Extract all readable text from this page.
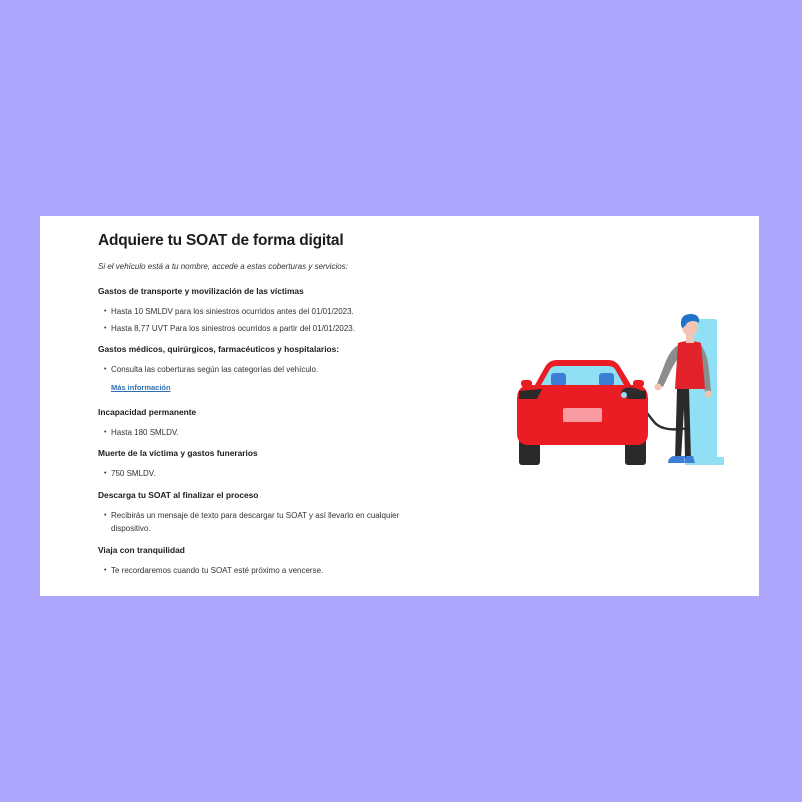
Adquiere tu SOAT de forma digital

Si el vehículo está a tu nombre, accede a estas coberturas y servicios:

Gastos de transporte y movilización de las víctimas
• Hasta 10 SMLDV para los siniestros ocurridos antes del 01/01/2023.
• Hasta 8,77 UVT Para los siniestros ocurridos a partir del 01/01/2023.
Gastos médicos, quirúrgicos, farmacéuticos y hospitalarios:
• Consulta las coberturas según las categorías del vehículo.
Más información
Incapacidad permanente
• Hasta 180 SMLDV.
Muerte de la víctima y gastos funerarios
• 750 SMLDV.
Descarga tu SOAT al finalizar el proceso
• Recibirás un mensaje de texto para descargar tu SOAT y así llevarlo en cualquier dispositivo.
Viaja con tranquilidad
• Te recordaremos cuando tu SOAT esté próximo a vencerse.
